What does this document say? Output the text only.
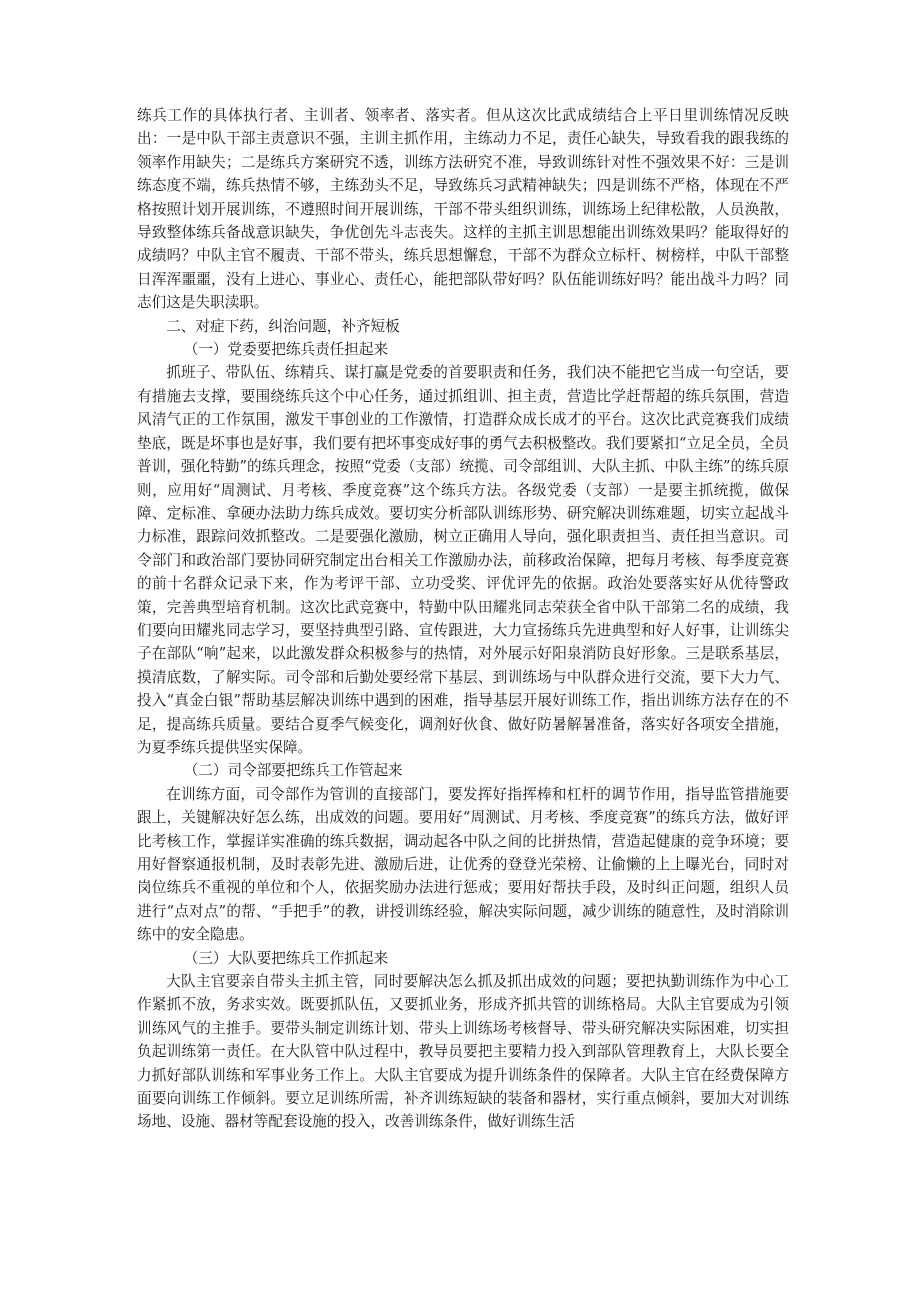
练兵工作的具体执行者、主训者、领率者、落实者。但从这次比武成绩结合上平日里训练情况反映出：一是中队干部主责意识不强，主训主抓作用，主练动力不足，责任心缺失，导致看我的跟我练的领率作用缺失；二是练兵方案研究不透，训练方法研究不准，导致训练针对性不强效果不好：三是训练态度不端，练兵热情不够，主练劲头不足，导致练兵习武精神缺失；四是训练不严格，体现在不严格按照计划开展训练，不遵照时间开展训练，干部不带头组织训练，训练场上纪律松散，人员涣散，导致整体练兵备战意识缺失，争优创先斗志丧失。这样的主抓主训思想能出训练效果吗？能取得好的成绩吗？中队主官不履责、干部不带头，练兵思想懈怠，干部不为群众立标杆、树榜样，中队干部整日浑浑噩噩，没有上进心、事业心、责任心，能把部队带好吗？队伍能训练好吗？能出战斗力吗？同志们这是失职渎职。

二、对症下药，纠治问题，补齐短板

（一）党委要把练兵责任担起来

抓班子、带队伍、练精兵、谋打赢是党委的首要职责和任务，我们决不能把它当成一句空话，要有措施去支撑，要围绕练兵这个中心任务，通过抓组训、担主责，营造比学赶帮超的练兵氛围，营造风清气正的工作氛围，激发干事创业的工作激情，打造群众成长成才的平台。这次比武竞赛我们成绩垫底，既是坏事也是好事，我们要有把坏事变成好事的勇气去积极整改。我们要紧扣“立足全员，全员普训，强化特勤”的练兵理念，按照“党委（支部）统揽、司令部组训、大队主抓、中队主练”的练兵原则，应用好“周测试、月考核、季度竞赛”这个练兵方法。各级党委（支部）一是要主抓统揽，做保障、定标准、拿硬办法助力练兵成效。要切实分析部队训练形势、研究解决训练难题，切实立起战斗力标准，跟踪问效抓整改。二是要强化激励，树立正确用人导向，强化职责担当、责任担当意识。司令部门和政治部门要协同研究制定出台相关工作激励办法，前移政治保障，把每月考核、每季度竞赛的前十名群众记录下来，作为考评干部、立功受奖、评优评先的依据。政治处要落实好从优待警政策，完善典型培育机制。这次比武竞赛中，特勤中队田耀兆同志荣获全省中队干部第二名的成绩，我们要向田耀兆同志学习，要坚持典型引路、宣传跟进，大力宣扬练兵先进典型和好人好事，让训练尖子在部队“响”起来，以此激发群众积极参与的热情，对外展示好阳泉消防良好形象。三是联系基层，摸清底数，了解实际。司令部和后勤处要经常下基层、到训练场与中队群众进行交流，要下大力气、投入“真金白银”帮助基层解决训练中遇到的困难，指导基层开展好训练工作，指出训练方法存在的不足，提高练兵质量。要结合夏季气候变化，调剂好伙食、做好防暑解暑准备，落实好各项安全措施，为夏季练兵提供坚实保障。

（二）司令部要把练兵工作管起来

在训练方面，司令部作为管训的直接部门，要发挥好指挥棒和杠杆的调节作用，指导监管措施要跟上，关键解决好怎么练，出成效的问题。要用好“周测试、月考核、季度竞赛”的练兵方法，做好评比考核工作，掌握详实准确的练兵数据，调动起各中队之间的比拼热情，营造起健康的竞争环境；要用好督察通报机制，及时表彰先进、激励后进，让优秀的登登光荣榜、让偷懒的上上曝光台，同时对岗位练兵不重视的单位和个人，依据奖励办法进行惩戒；要用好帮扶手段，及时纠正问题，组织人员进行“点对点”的帮、“手把手”的教，讲授训练经验，解决实际问题，减少训练的随意性，及时消除训练中的安全隐患。

（三）大队要把练兵工作抓起来

大队主官要亲自带头主抓主管，同时要解决怎么抓及抓出成效的问题；要把执勤训练作为中心工作紧抓不放，务求实效。既要抓队伍，又要抓业务，形成齐抓共管的训练格局。大队主官要成为引领训练风气的主推手。要带头制定训练计划、带头上训练场考核督导、带头研究解决实际困难，切实担负起训练第一责任。在大队管中队过程中，教导员要把主要精力投入到部队管理教育上，大队长要全力抓好部队训练和军事业务工作上。大队主官要成为提升训练条件的保障者。大队主官在经费保障方面要向训练工作倾斜。要立足训练所需，补齐训练短缺的装备和器材，实行重点倾斜，要加大对训练场地、设施、器材等配套设施的投入，改善训练条件，做好训练生活
